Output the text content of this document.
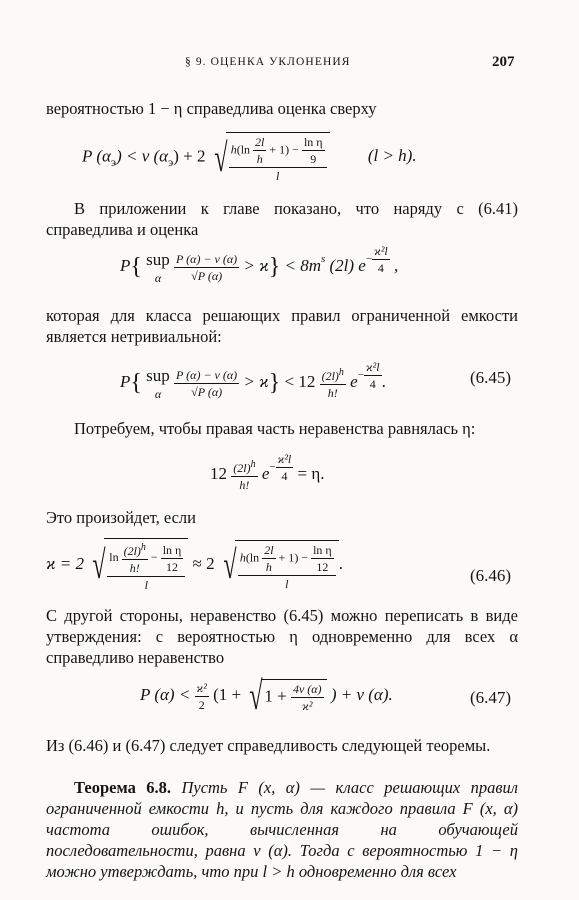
§ 9. ОЦЕНКА УКЛОНЕНИЯ	207
вероятностью 1 − η справедлива оценка сверху
P $(\alpha_э) < \nu$ $(\alpha_э) + 2$ √ $h(\ln \frac{2l}{h} + 1) - \frac{\text{ln η}}{9}$
l
(l > h).
В приложении к главе показано, что наряду с (6.41) справедлива и оценка
P{ sup
α
	$\frac{P (\alpha) - \nu (\alpha)}{√P (\alpha)} > ϰ\} < 8m^s$ (2l) $e^{- \frac{\text{ϰ²l}}{4}}$ ,
которая для класса решающих правил ограниченной емкости является нетривиальной:
P{ sup
α
	$\frac{P (\alpha) - \nu (\alpha)}{√P (\alpha)} > ϰ\} < 12 \frac{(2l)^h}{h!} e^{- \frac{\text{ϰ²l}}{4}}$ .	(6.45)
Потребуем, чтобы правая часть неравенства равнялась η:
$12 \frac{(2l)^h}{h!} e^{- \frac{\text{ϰ²l}}{4}} = \eta$.
Это произойдет, если
ϰ = 2 √ $\frac{\ln \frac{(2l)^h}{h!} - \frac{\text{ln η}}{12}}{l} \approx 2$ √ $\frac{h(\ln \frac{2l}{h} + 1) - \frac{\text{ln η}}{12}}{l}$ .
(6.46)
С другой стороны, неравенство (6.45) можно переписать в виде утверждения: с вероятностью η одновременно для всех α справедливо неравенство
P $(\alpha) < \frac{\text{ϰ²}}{2} (1 + √1 + \frac{4\nu (\alpha)}{\text{ϰ²}}$ ) + ν (α).	(6.47)
Из (6.46) и (6.47) следует справедливость следующей теоремы.
Теорема 6.8. Пусть F (x, α) — класс решающих правил ограниченной емкости h, и пусть для каждого правила F (x, α) частота ошибок, вычисленная на обучающей последовательности, равна ν (α). Тогда с вероятностью 1 − η можно утверждать, что при l > h одновременно для всех
